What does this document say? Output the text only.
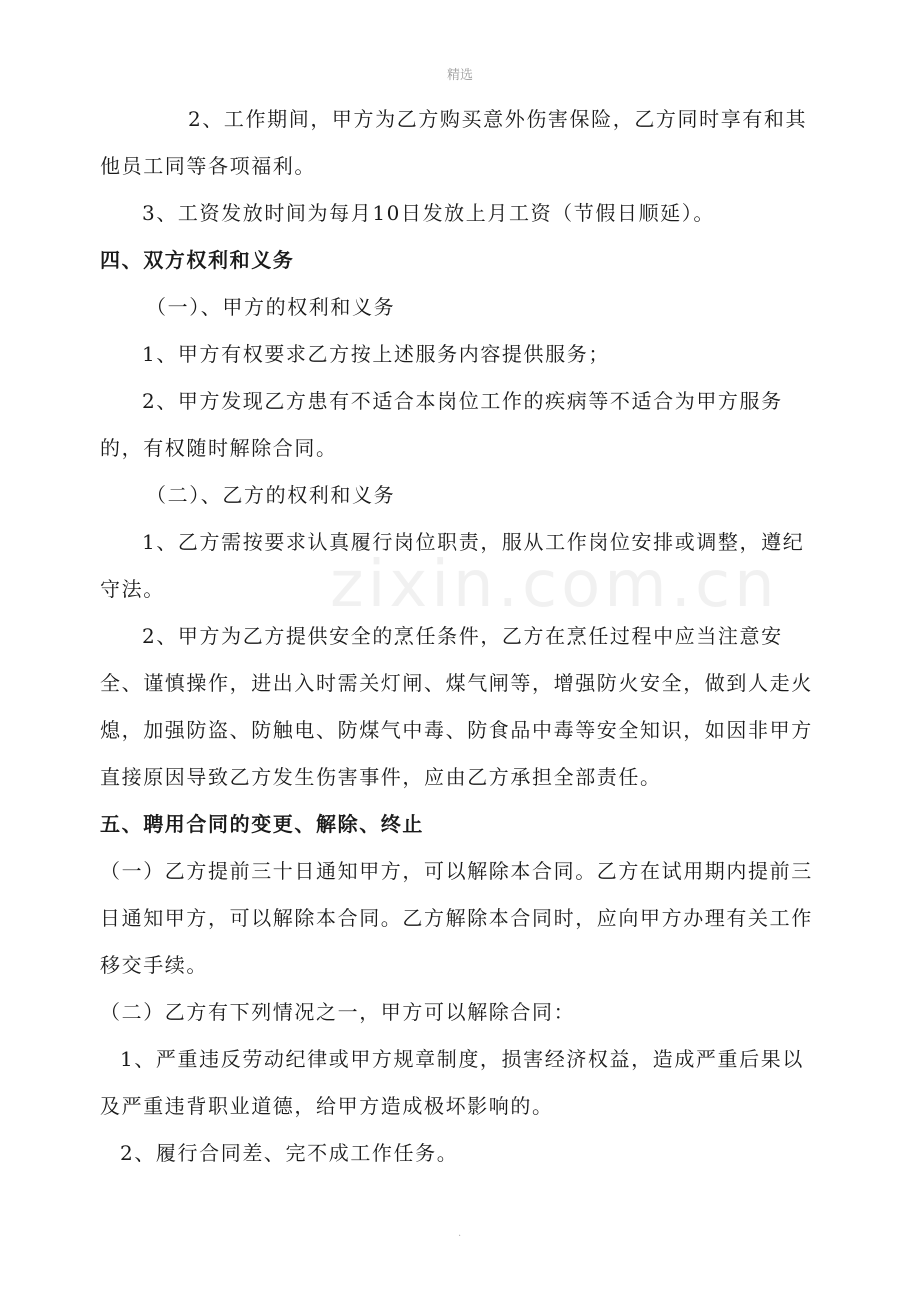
精选
zixin.com.cn

2、工作期间，甲方为乙方购买意外伤害保险，乙方同时享有和其他员工同等各项福利。

3、工资发放时间为每月10日发放上月工资（节假日顺延）。

四、双方权利和义务

（一）、甲方的权利和义务

1、甲方有权要求乙方按上述服务内容提供服务；

2、甲方发现乙方患有不适合本岗位工作的疾病等不适合为甲方服务的，有权随时解除合同。

（二）、乙方的权利和义务

1、乙方需按要求认真履行岗位职责，服从工作岗位安排或调整，遵纪守法。

2、甲方为乙方提供安全的烹任条件，乙方在烹任过程中应当注意安全、谨慎操作，进出入时需关灯闸、煤气闸等，增强防火安全，做到人走火熄，加强防盗、防触电、防煤气中毒、防食品中毒等安全知识，如因非甲方直接原因导致乙方发生伤害事件，应由乙方承担全部责任。

五、聘用合同的变更、解除、终止

（一）乙方提前三十日通知甲方，可以解除本合同。乙方在试用期内提前三日通知甲方，可以解除本合同。乙方解除本合同时，应向甲方办理有关工作移交手续。

（二）乙方有下列情况之一，甲方可以解除合同：

1、严重违反劳动纪律或甲方规章制度，损害经济权益，造成严重后果以及严重违背职业道德，给甲方造成极坏影响的。

2、履行合同差、完不成工作任务。

.
